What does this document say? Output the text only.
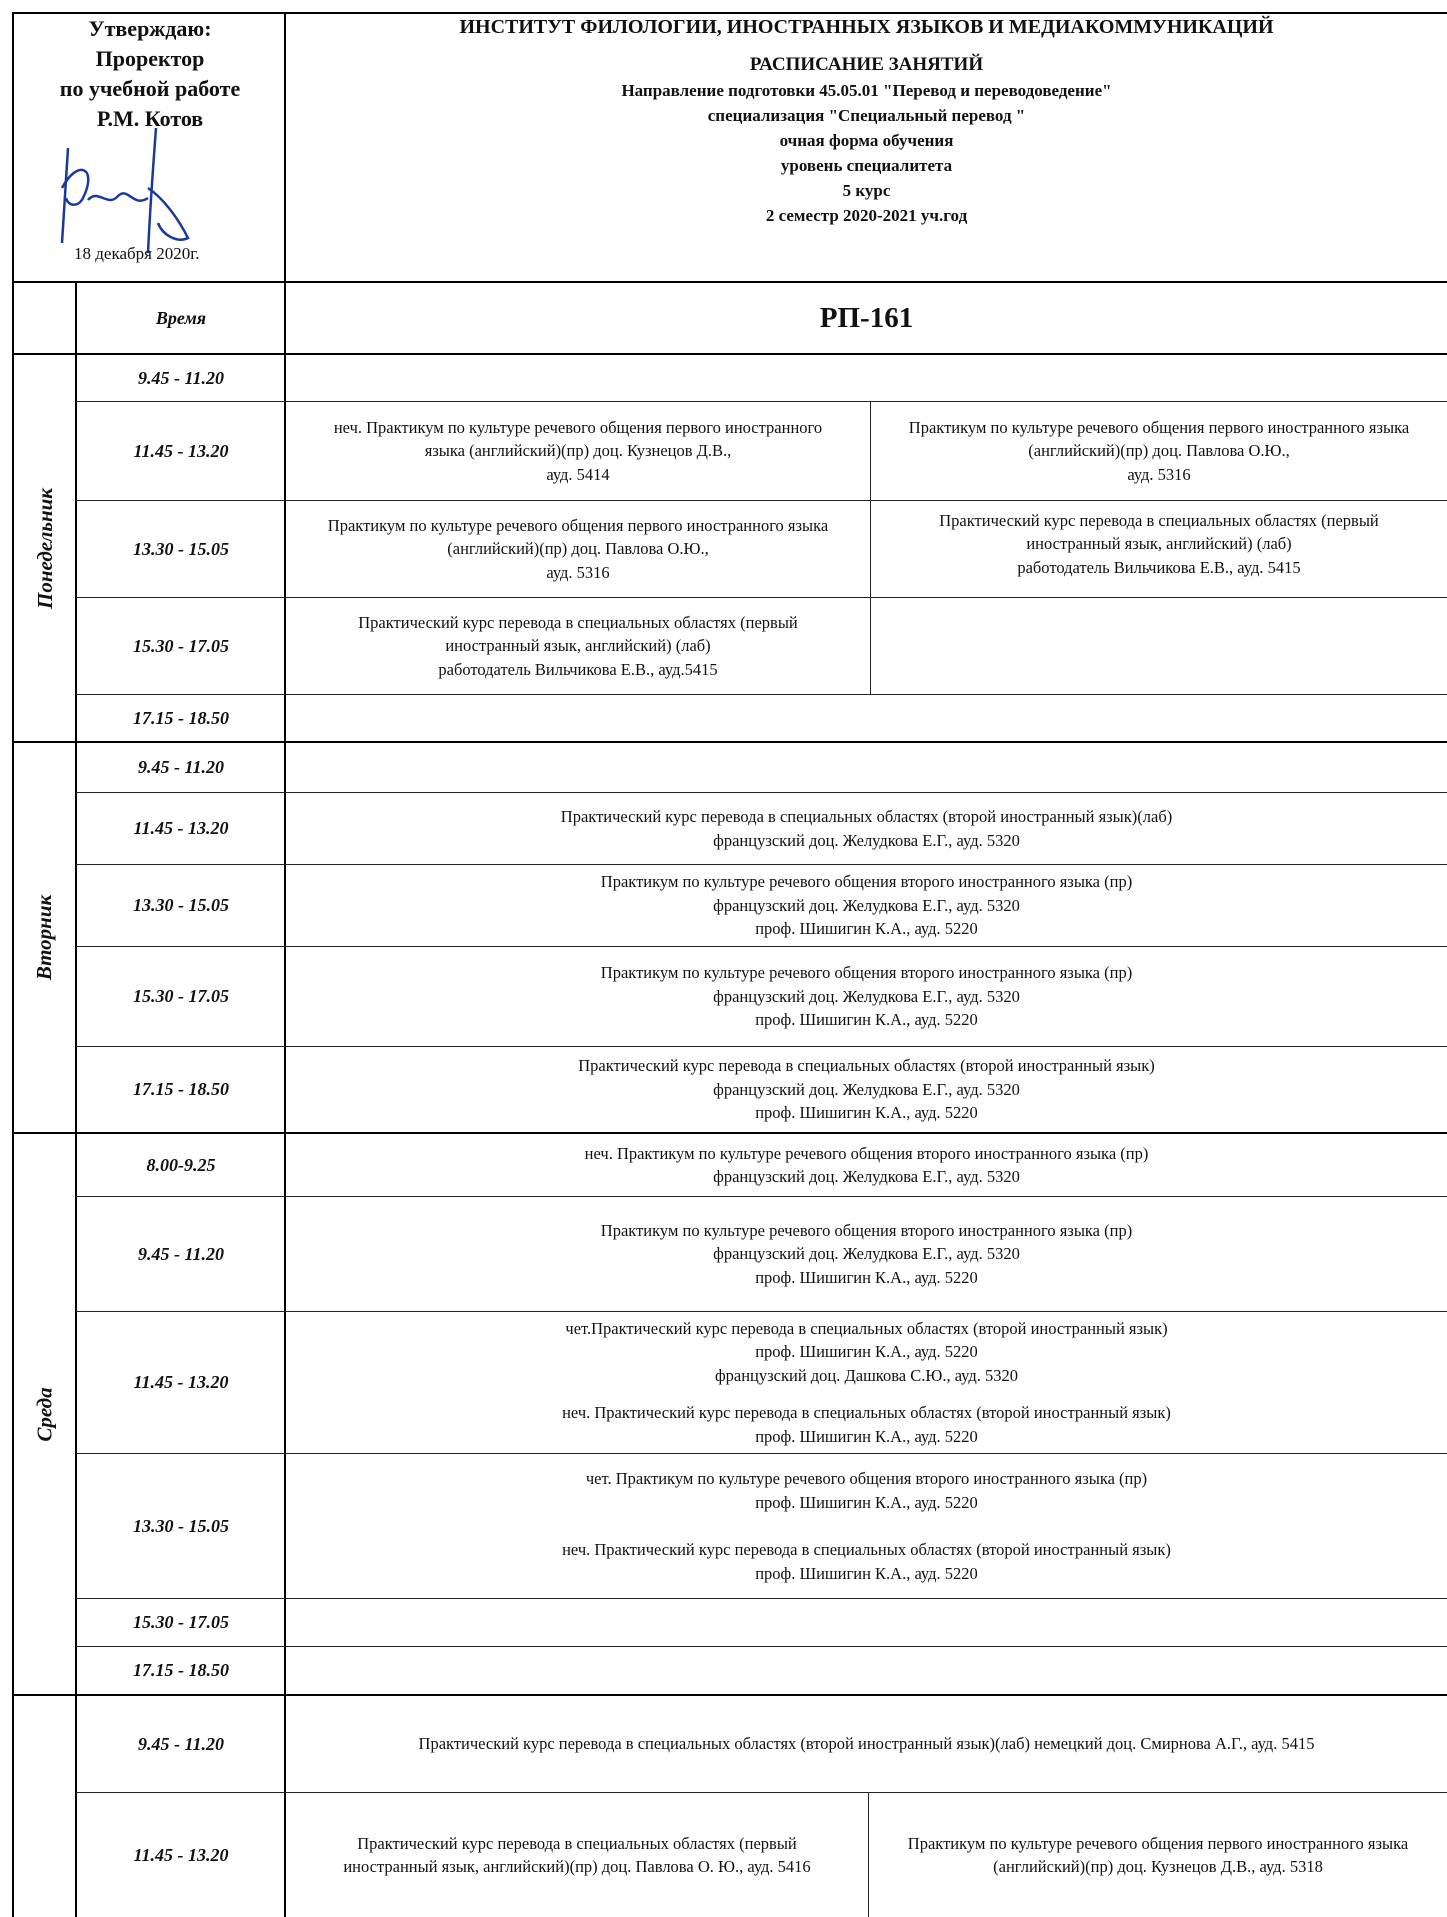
Утверждаю:
Проректор
по учебной работе
Р.М. Котов
18 декабря 2020г.
ИНСТИТУТ ФИЛОЛОГИИ, ИНОСТРАННЫХ ЯЗЫКОВ И МЕДИАКОММУНИКАЦИЙ
РАСПИСАНИЕ ЗАНЯТИЙ
Направление подготовки 45.05.01 "Перевод и переводоведение"
специализация "Специальный перевод "
очная форма обучения
уровень специалитета
5 курс
2 семестр 2020-2021 уч.год
Время	РП-161
Понедельник
Вторник
Среда
9.45 - 11.20
11.45 - 13.20
13.30 - 15.05
15.30 - 17.05
17.15 - 18.50
9.45 - 11.20
11.45 - 13.20
13.30 - 15.05
15.30 - 17.05
17.15 - 18.50
8.00-9.25
9.45 - 11.20
11.45 - 13.20
13.30 - 15.05
15.30 - 17.05
17.15 - 18.50
9.45 - 11.20
11.45 - 13.20
неч. Практикум по культуре речевого общения первого иностранного
языка (английский)(пр) доц. Кузнецов Д.В.,
ауд. 5414
Практикум по культуре речевого общения первого иностранного языка
(английский)(пр) доц. Павлова О.Ю.,
ауд. 5316
Практикум по культуре речевого общения первого иностранного языка
(английский)(пр) доц. Павлова О.Ю.,
ауд. 5316
Практический курс перевода в специальных областях (первый
иностранный язык, английский) (лаб)
работодатель Вильчикова Е.В., ауд. 5415
Практический курс перевода в специальных областях (первый
иностранный язык, английский) (лаб)
работодатель Вильчикова Е.В., ауд.5415
Практический курс перевода в специальных областях (второй иностранный язык)(лаб)
французский доц. Желудкова Е.Г., ауд. 5320
Практикум по культуре речевого общения второго иностранного языка (пр)
французский доц. Желудкова Е.Г., ауд. 5320
проф. Шишигин К.А., ауд. 5220
Практикум по культуре речевого общения второго иностранного языка (пр)
французский доц. Желудкова Е.Г., ауд. 5320
проф. Шишигин К.А., ауд. 5220
Практический курс перевода в специальных областях (второй иностранный язык)
французский доц. Желудкова Е.Г., ауд. 5320
проф. Шишигин К.А., ауд. 5220
неч. Практикум по культуре речевого общения второго иностранного языка (пр)
французский доц. Желудкова Е.Г., ауд. 5320
Практикум по культуре речевого общения второго иностранного языка (пр)
французский доц. Желудкова Е.Г., ауд. 5320
проф. Шишигин К.А., ауд. 5220
чет.Практический курс перевода в специальных областях (второй иностранный язык)
проф. Шишигин К.А., ауд. 5220
французский доц. Дашкова С.Ю., ауд. 5320
неч. Практический курс перевода в специальных областях (второй иностранный язык)
проф. Шишигин К.А., ауд. 5220
чет. Практикум по культуре речевого общения второго иностранного языка (пр)
проф. Шишигин К.А., ауд. 5220
неч. Практический курс перевода в специальных областях (второй иностранный язык)
проф. Шишигин К.А., ауд. 5220
Практический курс перевода в специальных областях (второй иностранный язык)(лаб) немецкий доц. Смирнова А.Г., ауд. 5415
Практический курс перевода в специальных областях (первый
иностранный язык, английский)(пр) доц. Павлова О. Ю., ауд. 5416
Практикум по культуре речевого общения первого иностранного языка
(английский)(пр) доц. Кузнецов Д.В., ауд. 5318
